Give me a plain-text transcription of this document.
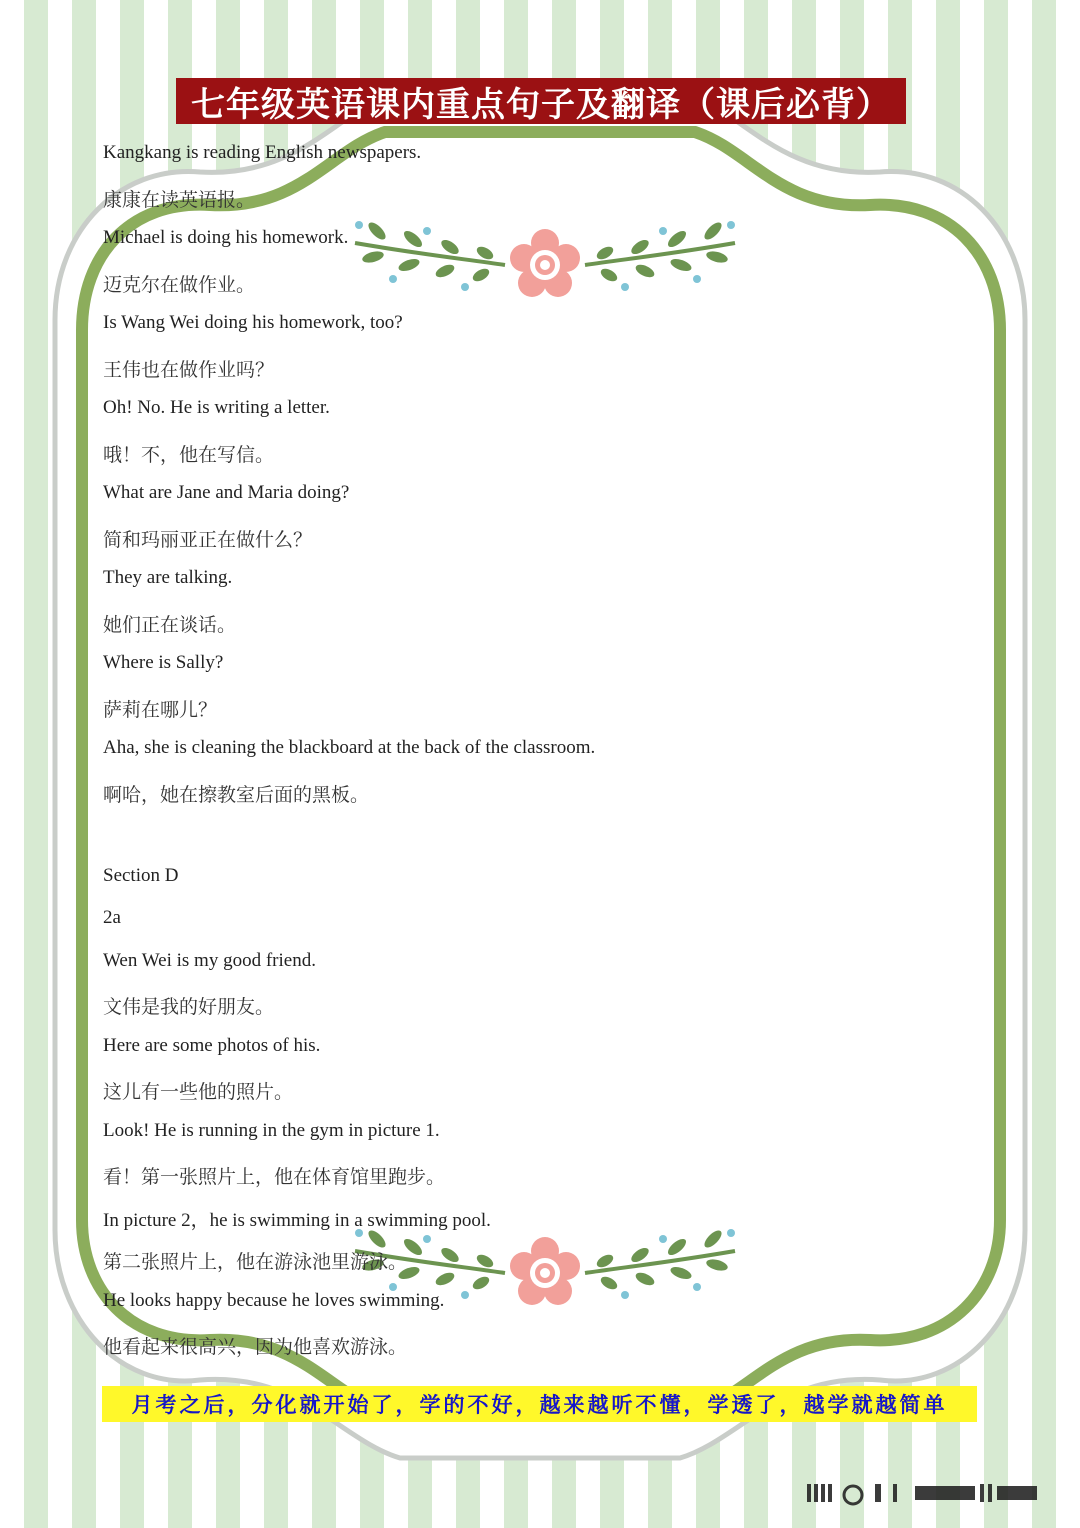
七年级英语课内重点句子及翻译（课后必背）
Kangkang is reading English newspapers.
康康在读英语报。
Michael is doing his homework.
迈克尔在做作业。
Is Wang Wei doing his homework, too?
王伟也在做作业吗？
Oh! No. He is writing a letter.
哦！不，他在写信。
What are Jane and Maria doing?
简和玛丽亚正在做什么？
They are talking.
她们正在谈话。
Where is Sally?
萨莉在哪儿？
Aha, she is cleaning the blackboard at the back of the classroom.
啊哈，她在擦教室后面的黑板。
Section D
2a
Wen Wei is my good friend.
文伟是我的好朋友。
Here are some photos of his.
这儿有一些他的照片。
Look! He is running in the gym in picture 1.
看！第一张照片上，他在体育馆里跑步。
In picture 2，he is swimming in a swimming pool.
第二张照片上，他在游泳池里游泳。
He looks happy because he loves swimming.
他看起来很高兴，因为他喜欢游泳。
月考之后，分化就开始了，学的不好，越来越听不懂，学透了，越学就越简单
